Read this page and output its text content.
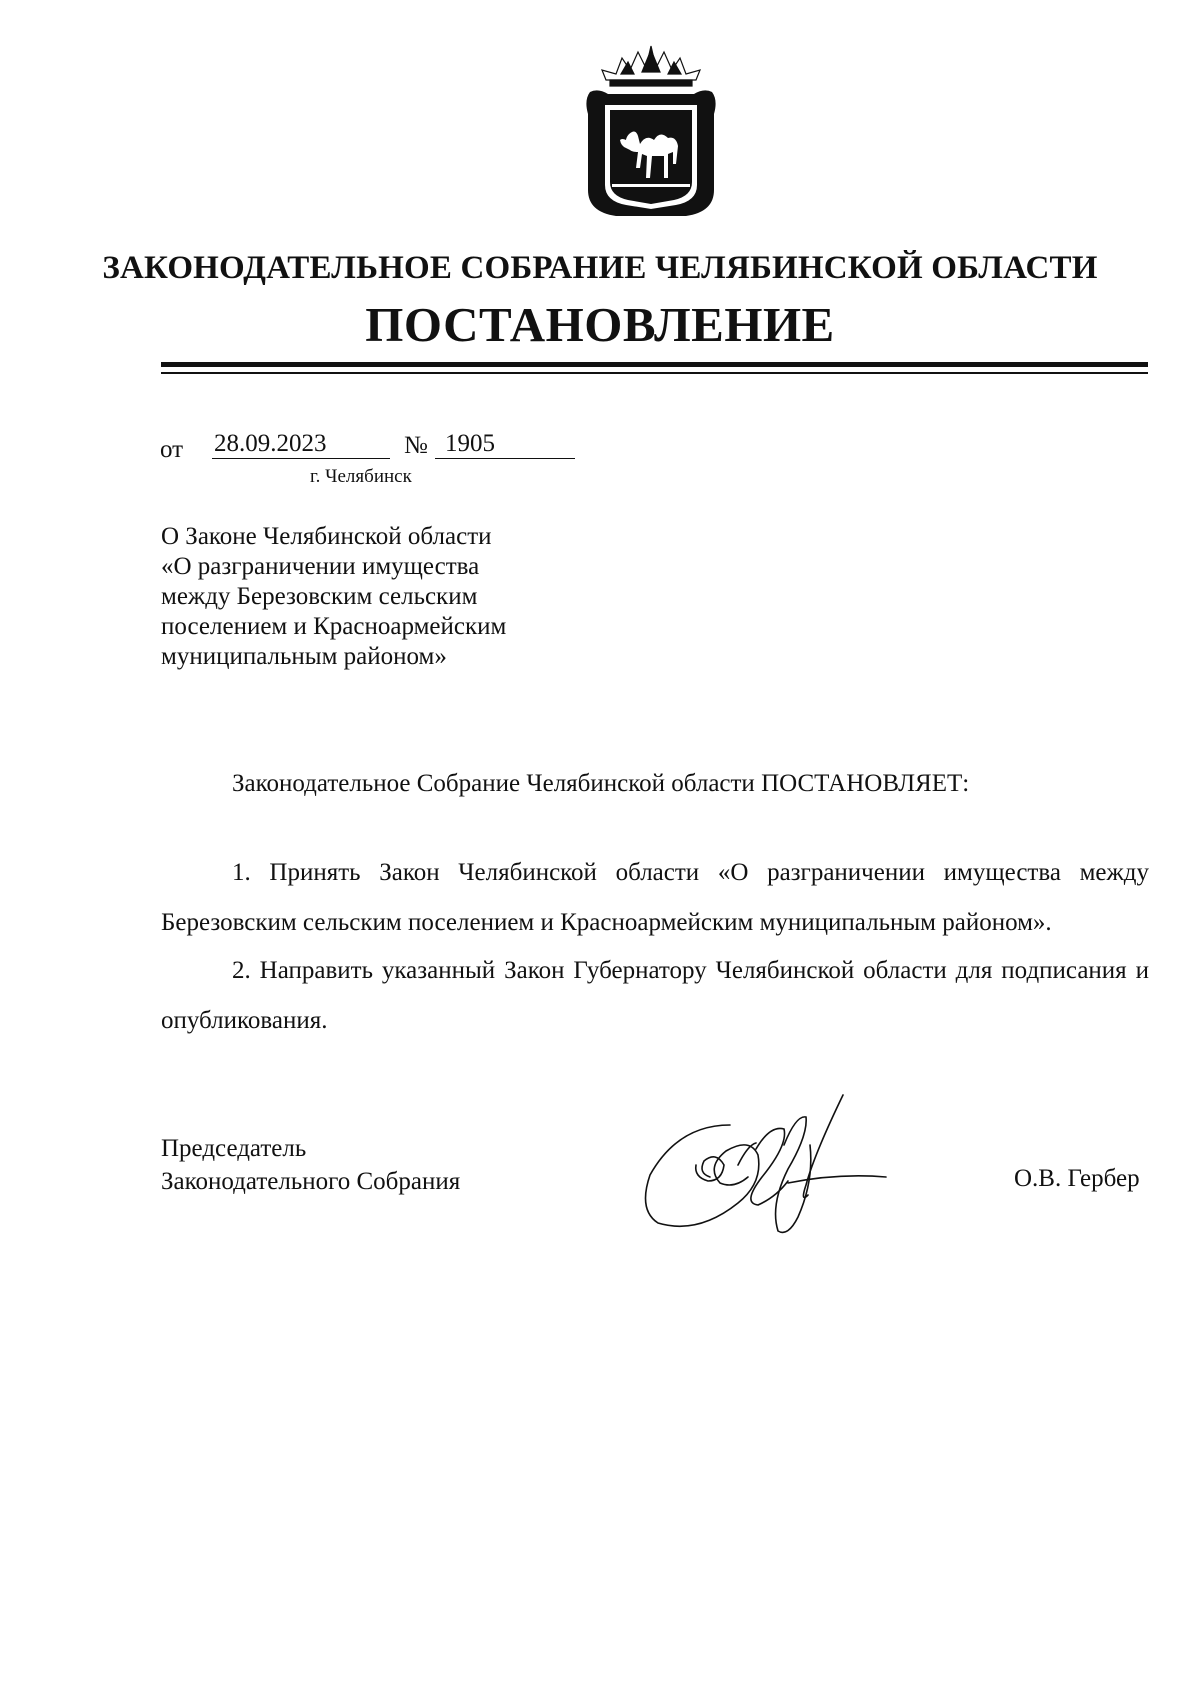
ЗАКОНОДАТЕЛЬНОЕ СОБРАНИЕ ЧЕЛЯБИНСКОЙ ОБЛАСТИ
ПОСТАНОВЛЕНИЕ
от 28.09.2023	№ 1905
г. Челябинск
О Законе Челябинской области
«О разграничении имущества
между Березовским сельским
поселением и Красноармейским
муниципальным районом»
Законодательное Собрание Челябинской области ПОСТАНОВЛЯЕТ:
1. Принять Закон Челябинской области «О разграничении имущества между Березовским сельским поселением и Красноармейским муниципальным районом».
2. Направить указанный Закон Губернатору Челябинской области для подписания и опубликования.
Председатель
Законодательного Собрания	О.В. Гербер
